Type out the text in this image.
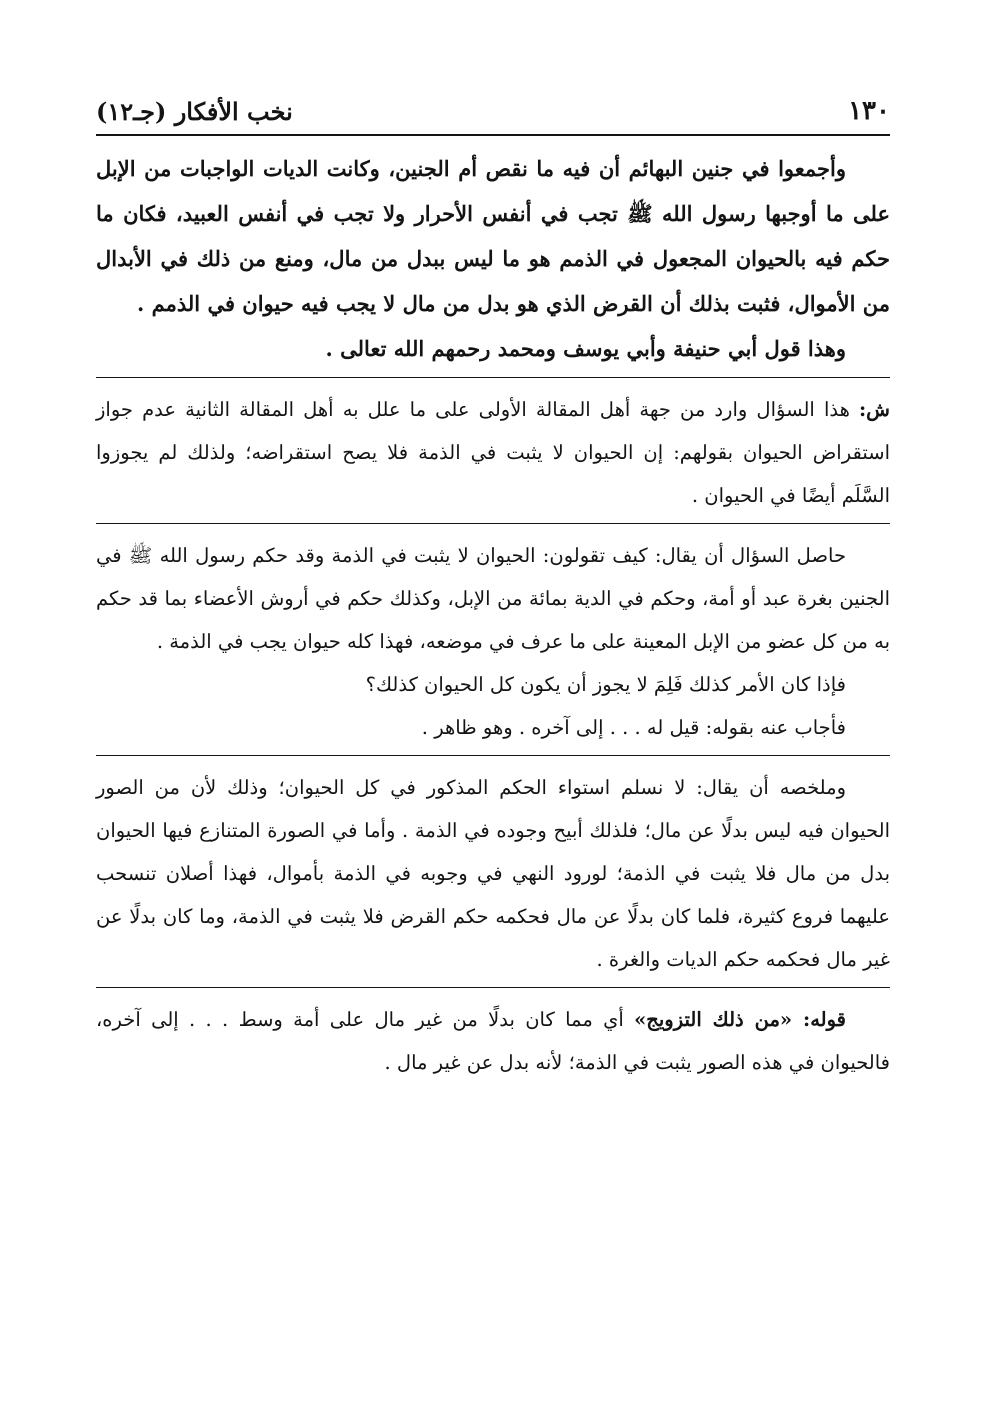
١٣٠
نخب الأفكار (جـ١٢)

وأجمعوا في جنين البهائم أن فيه ما نقص أم الجنين، وكانت الديات الواجبات من الإبل على ما أوجبها رسول الله ﷺ تجب في أنفس الأحرار ولا تجب في أنفس العبيد، فكان ما حكم فيه بالحيوان المجعول في الذمم هو ما ليس ببدل من مال، ومنع من ذلك في الأبدال من الأموال، فثبت بذلك أن القرض الذي هو بدل من مال لا يجب فيه حيوان في الذمم .

وهذا قول أبي حنيفة وأبي يوسف ومحمد رحمهم الله تعالى .

ش: هذا السؤال وارد من جهة أهل المقالة الأولى على ما علل به أهل المقالة الثانية عدم جواز استقراض الحيوان بقولهم: إن الحيوان لا يثبت في الذمة فلا يصح استقراضه؛ ولذلك لم يجوزوا السَّلَم أيضًا في الحيوان .

حاصل السؤال أن يقال: كيف تقولون: الحيوان لا يثبت في الذمة وقد حكم رسول الله ﷺ في الجنين بغرة عبد أو أمة، وحكم في الدية بمائة من الإبل، وكذلك حكم في أروش الأعضاء بما قد حكم به من كل عضو من الإبل المعينة على ما عرف في موضعه، فهذا كله حيوان يجب في الذمة .

فإذا كان الأمر كذلك فَلِمَ لا يجوز أن يكون كل الحيوان كذلك؟

فأجاب عنه بقوله: قيل له . . . إلى آخره . وهو ظاهر .

وملخصه أن يقال: لا نسلم استواء الحكم المذكور في كل الحيوان؛ وذلك لأن من الصور الحيوان فيه ليس بدلًا عن مال؛ فلذلك أبيح وجوده في الذمة . وأما في الصورة المتنازع فيها الحيوان بدل من مال فلا يثبت في الذمة؛ لورود النهي في وجوبه في الذمة بأموال، فهذا أصلان تنسحب عليهما فروع كثيرة، فلما كان بدلًا عن مال فحكمه حكم القرض فلا يثبت في الذمة، وما كان بدلًا عن غير مال فحكمه حكم الديات والغرة .

قوله: «من ذلك التزويج» أي مما كان بدلًا من غير مال على أمة وسط . . . إلى آخره، فالحيوان في هذه الصور يثبت في الذمة؛ لأنه بدل عن غير مال .
